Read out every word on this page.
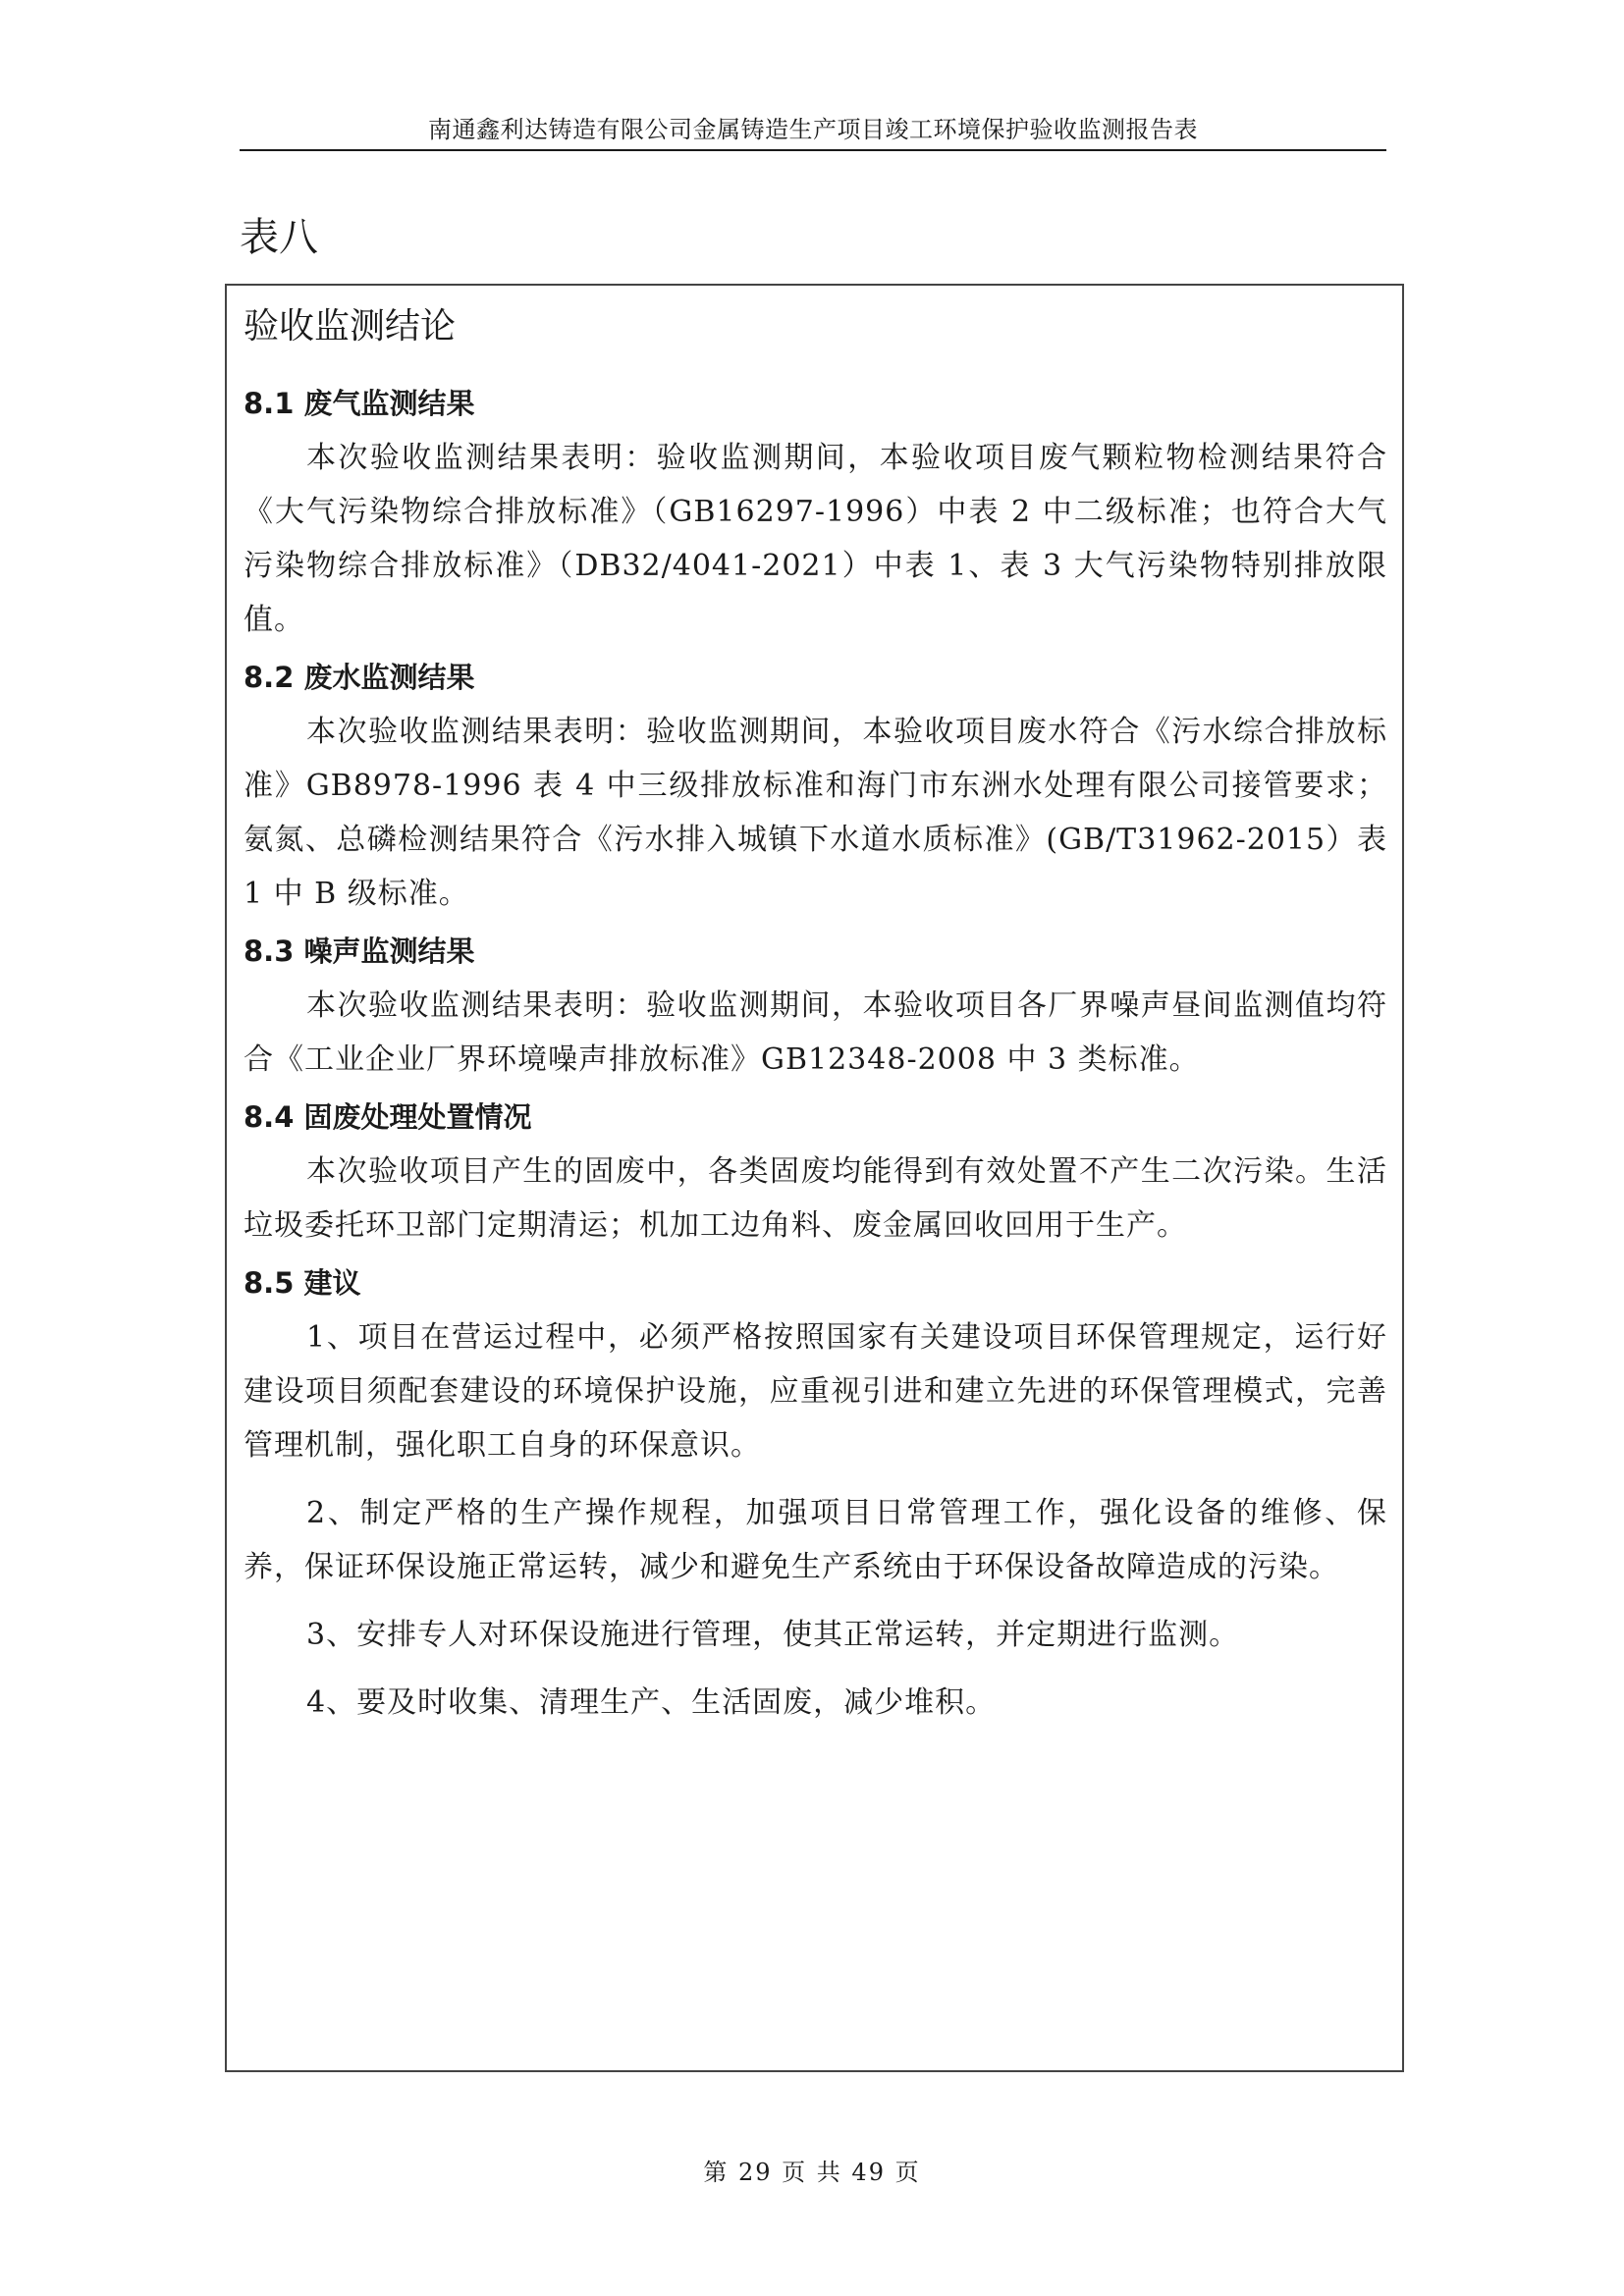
南通鑫利达铸造有限公司金属铸造生产项目竣工环境保护验收监测报告表
表八
验收监测结论
8.1 废气监测结果

本次验收监测结果表明：验收监测期间，本验收项目废气颗粒物检测结果符合《大气污染物综合排放标准》（GB16297-1996）中表 2 中二级标准；也符合大气污染物综合排放标准》（DB32/4041-2021）中表 1、表 3 大气污染物特别排放限值。

8.2 废水监测结果

本次验收监测结果表明：验收监测期间，本验收项目废水符合《污水综合排放标准》GB8978-1996 表 4 中三级排放标准和海门市东洲水处理有限公司接管要求；氨氮、总磷检测结果符合《污水排入城镇下水道水质标准》(GB/T31962-2015）表 1 中 B 级标准。

8.3 噪声监测结果

本次验收监测结果表明：验收监测期间，本验收项目各厂界噪声昼间监测值均符合《工业企业厂界环境噪声排放标准》GB12348-2008 中 3 类标准。

8.4 固废处理处置情况

本次验收项目产生的固废中，各类固废均能得到有效处置不产生二次污染。生活垃圾委托环卫部门定期清运；机加工边角料、废金属回收回用于生产。

8.5 建议

1、项目在营运过程中，必须严格按照国家有关建设项目环保管理规定，运行好建设项目须配套建设的环境保护设施，应重视引进和建立先进的环保管理模式，完善管理机制，强化职工自身的环保意识。

2、制定严格的生产操作规程，加强项目日常管理工作，强化设备的维修、保养，保证环保设施正常运转，减少和避免生产系统由于环保设备故障造成的污染。

3、安排专人对环保设施进行管理，使其正常运转，并定期进行监测。

4、要及时收集、清理生产、生活固废，减少堆积。

第 29 页 共 49 页
